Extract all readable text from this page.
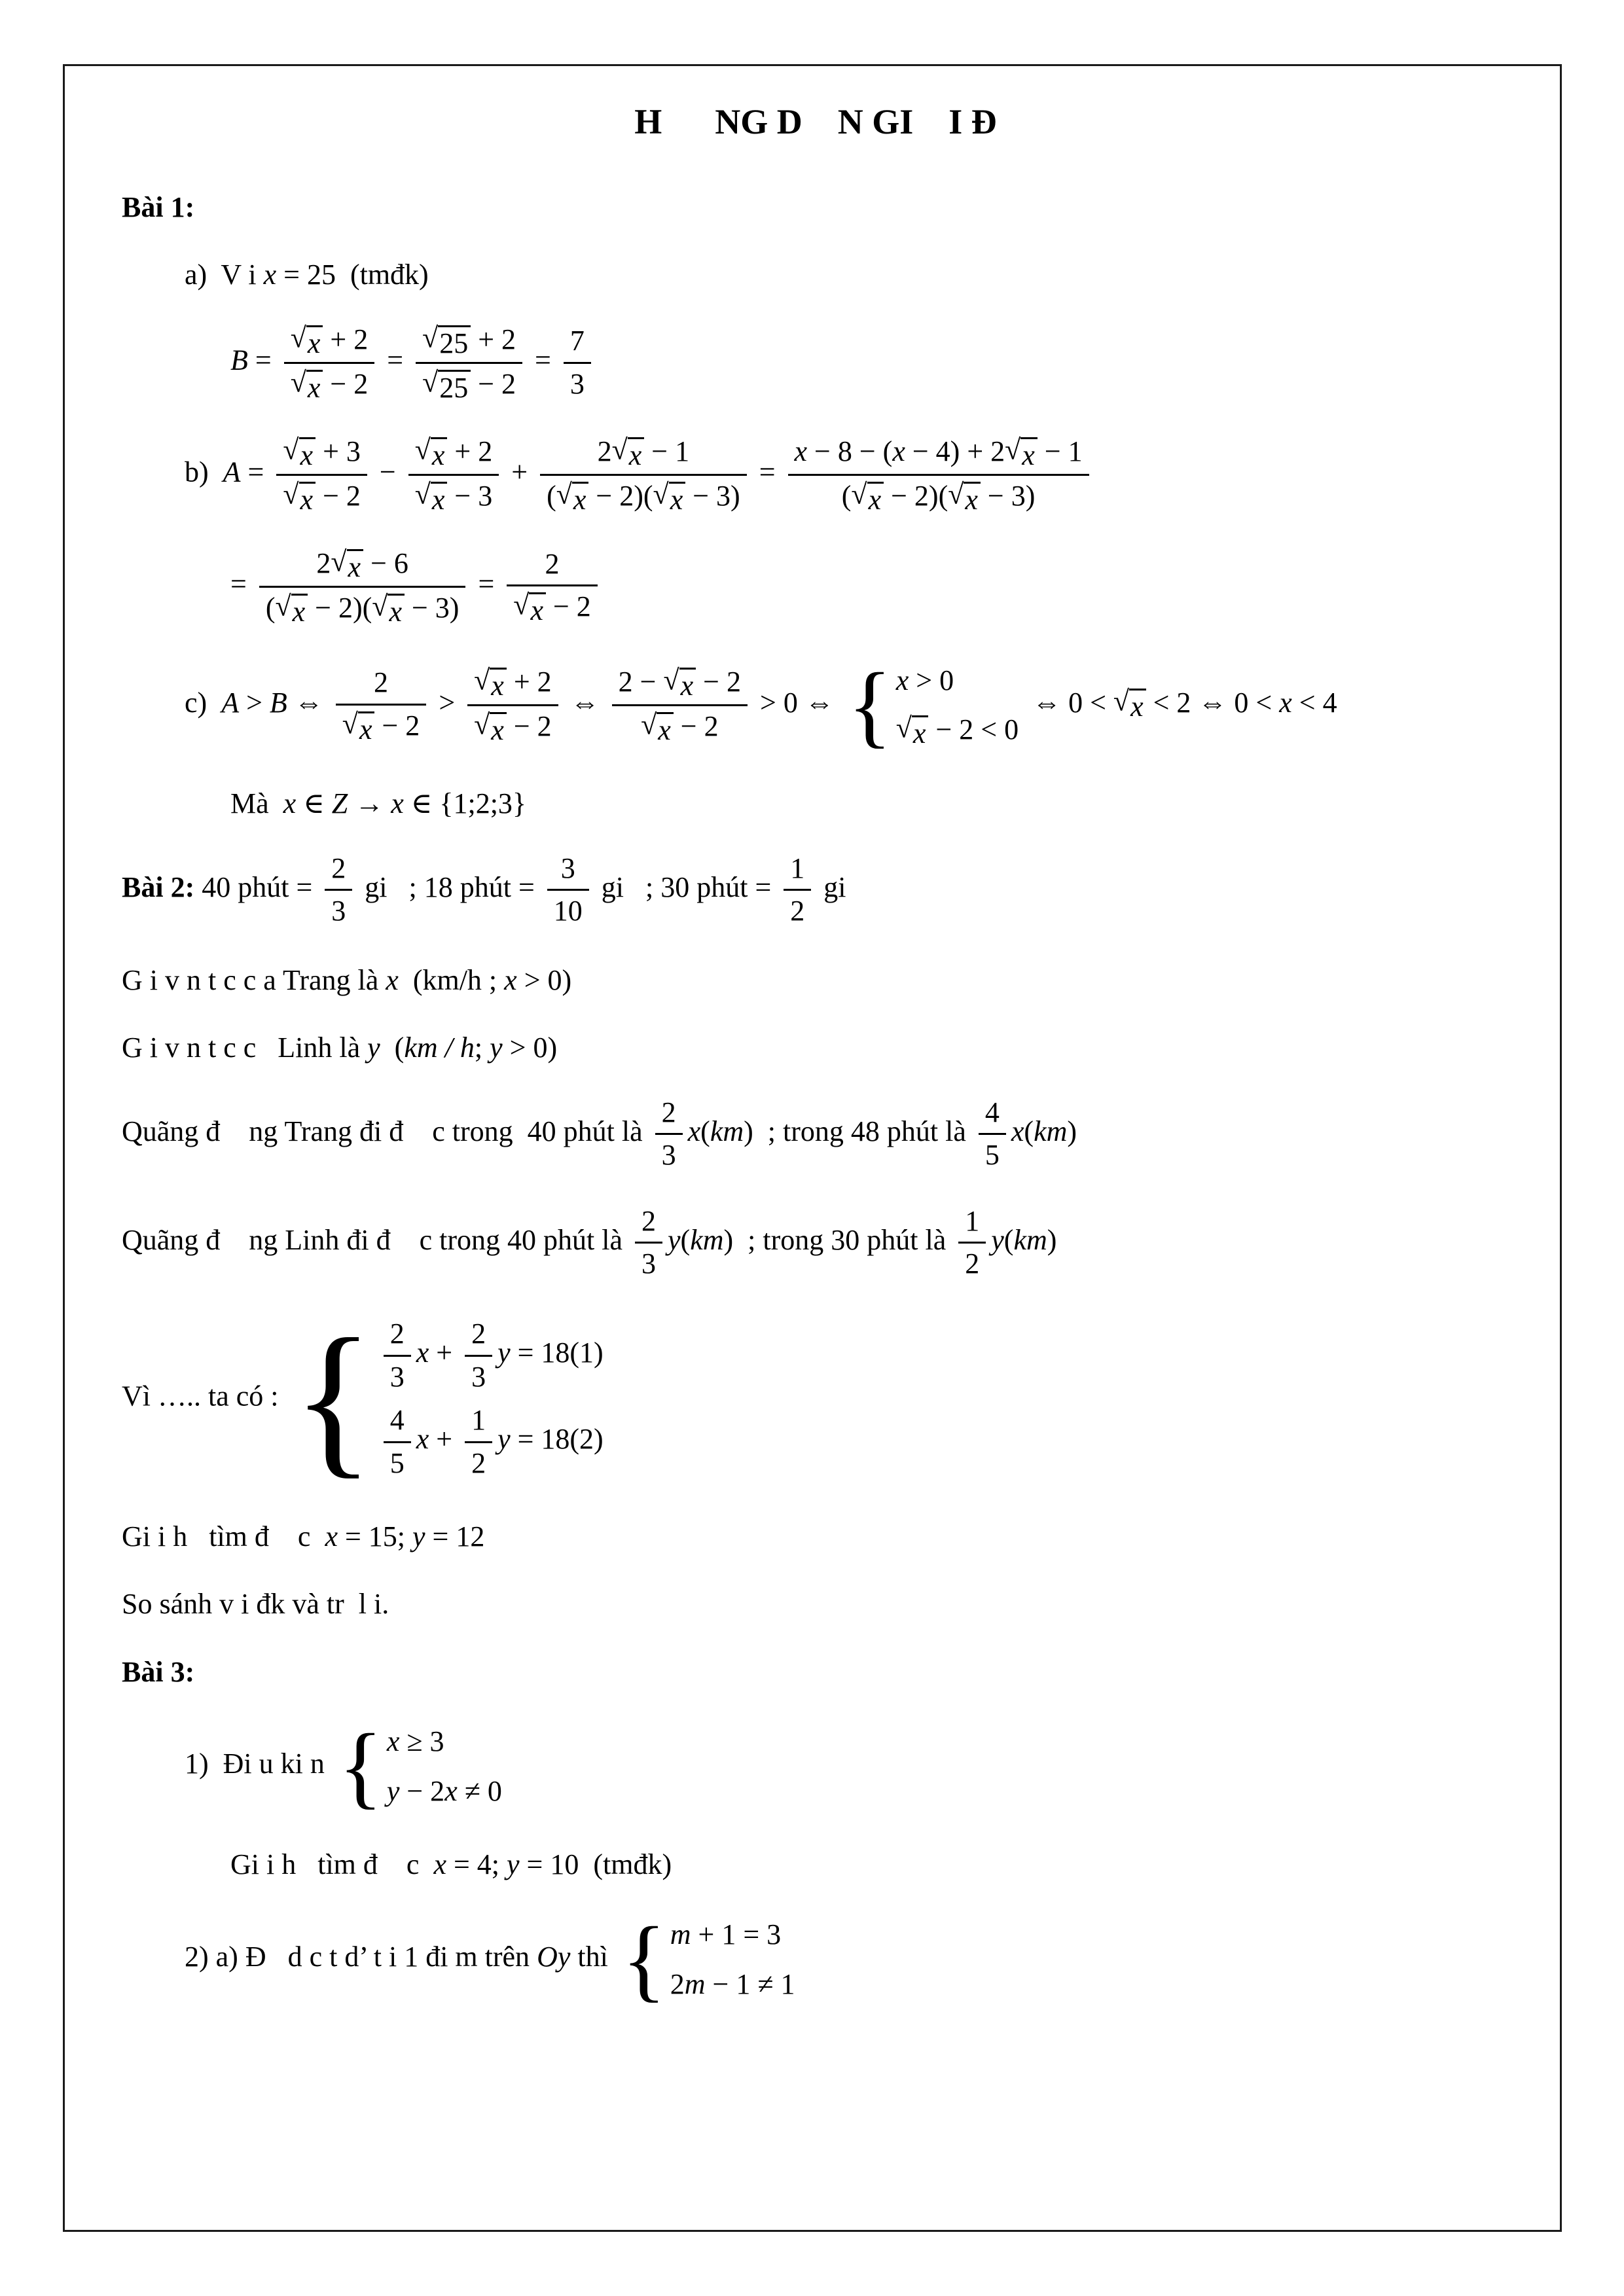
H      NG D    N GI    I Đ
Bài 1:
a)  V i x = 25  (tmđk)
$B = \frac{√ x + 2}{√ x - 2} = \frac{√ 25 + 2}{√ 25 - 2} = \frac{7}{3}$
b)  $A = \frac{√ x + 3}{√ x - 2} - \frac{√ x + 2}{√ x - 3} + \frac{2 √ x - 1}{( √ x - 2)( √ x - 3)} = \frac{x - 8 - (x - 4) + 2 √ x - 1}{( √ x - 2)( √ x - 3)}$
= $\frac{2 √ x - 6}{( √ x - 2)( √ x - 3)} = \frac{2}{√ x - 2}$
c)  A > B ⇔ $\frac{2}{√ x - 2} > \frac{√ x + 2}{√ x - 2}$ ⇔ $\frac{2 - √ x - 2}{√ x - 2} > 0$ ⇔ { x > 0
√ x − 2 < 0
⇔ 0 < √ x < 2 ⇔ 0 < x < 4
Mà  x ∈ Z → x ∈ {1;2;3}
Bài 2: 40 phút = $\frac{2}{3}$ gi   ; 18 phút = $\frac{3}{10}$ gi   ; 30 phút = $\frac{1}{2}$ gi
G i v n t c c a Trang là x  (km/h ; x > 0)
G i v n t c c   Linh là y  (km / h; y > 0)
Quãng đ    ng Trang đi đ    c trong  40 phút là $\frac{2}{3} x(km)$  ; trong 48 phút là $\frac{4}{5} x(km)$
Quãng đ    ng Linh đi đ    c trong 40 phút là $\frac{2}{3} y(km)$  ; trong 30 phút là $\frac{1}{2} y(km)$
Vì ….. ta có : { $\frac{2}{3}$ $x + \frac{2}{3}$ y = 18(1)
$\frac{4}{5}$ $x + \frac{1}{2}$ y = 18(2)
Gi i h   tìm đ    c  x = 15; y = 12
So sánh v i đk và tr  l i.
Bài 3:
1)  Đi u ki n { x ≥ 3
y − 2x ≠ 0
Gi i h   tìm đ    c  x = 4; y = 10  (tmđk)
2) a) Đ   d c t d’ t i 1 đi m trên Oy thì { m + 1 = 3
2m − 1 ≠ 1
